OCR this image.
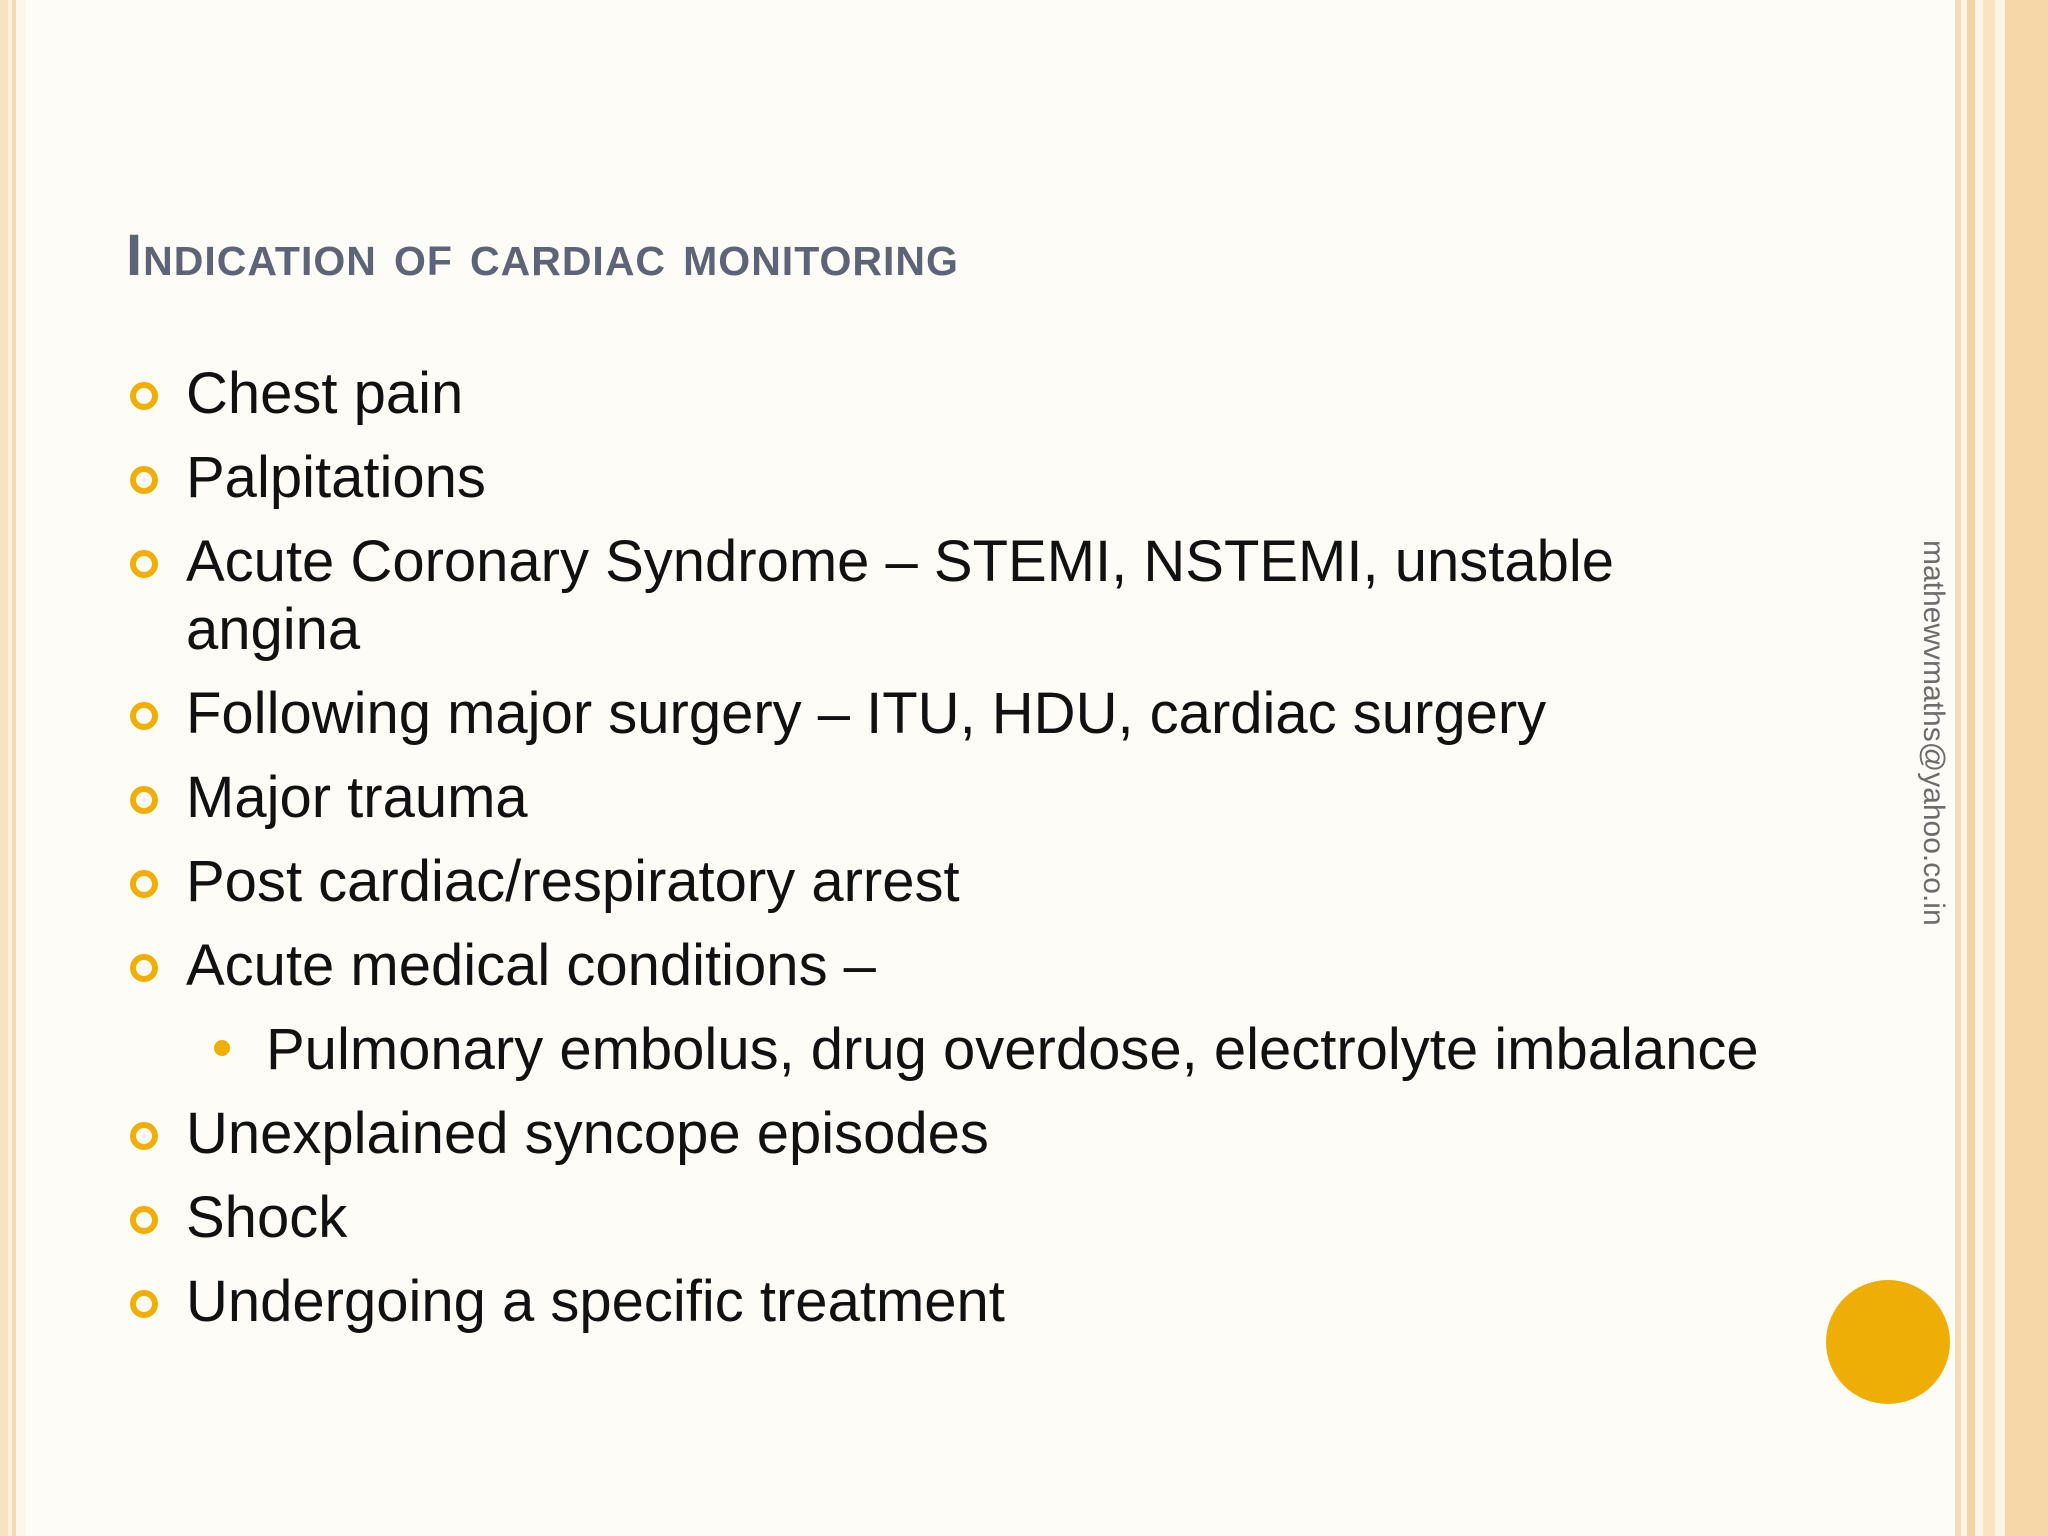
Indication of cardiac monitoring
Chest pain
Palpitations
Acute Coronary Syndrome – STEMI, NSTEMI, unstable angina
Following major surgery – ITU, HDU, cardiac surgery
Major trauma
Post cardiac/respiratory arrest
Acute medical conditions –
Pulmonary embolus, drug overdose, electrolyte imbalance
Unexplained syncope episodes
Shock
Undergoing a specific treatment
mathewvmaths@yahoo.co.in
